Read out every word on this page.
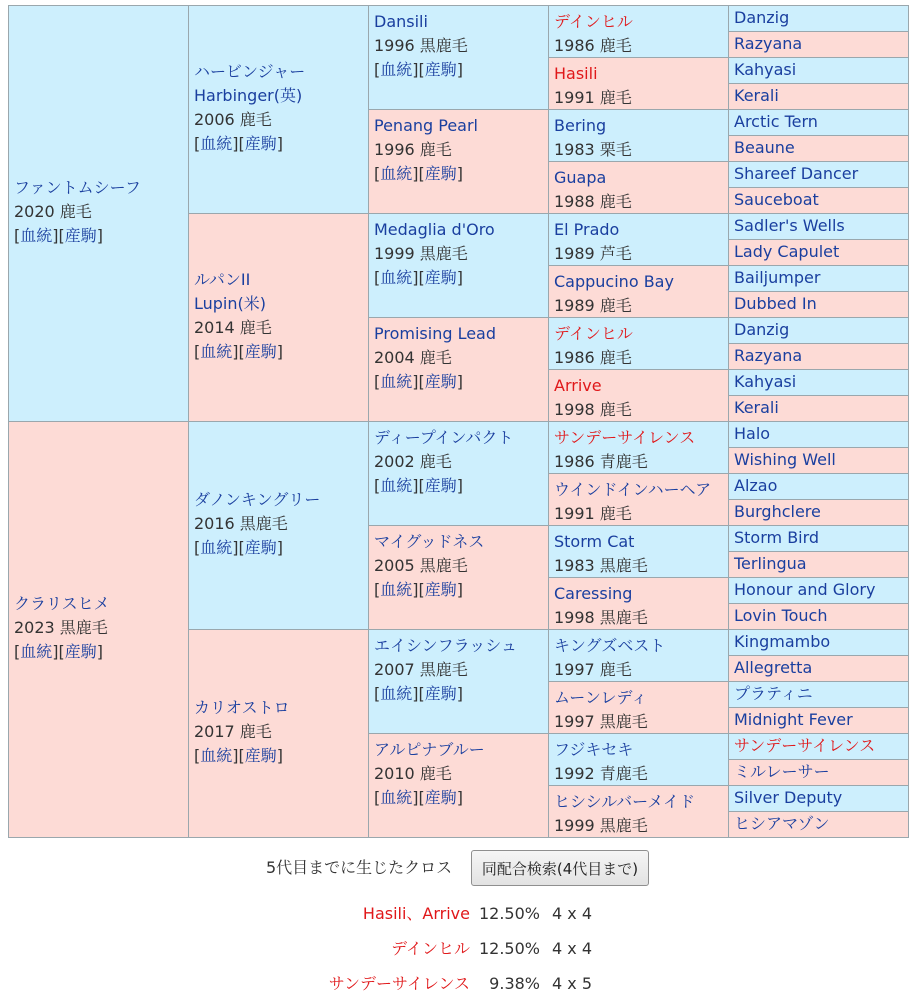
ファントムシーフ
2020 鹿毛
[血統][産駒]
クラリスヒメ
2023 黒鹿毛
[血統][産駒]
ハービンジャー
Harbinger(英)
2006 鹿毛
[血統][産駒]
ルパンII
Lupin(米)
2014 鹿毛
[血統][産駒]
ダノンキングリー
2016 黒鹿毛
[血統][産駒]
カリオストロ
2017 鹿毛
[血統][産駒]
Dansili
1996 黒鹿毛
[血統][産駒]
Penang Pearl
1996 鹿毛
[血統][産駒]
Medaglia d'Oro
1999 黒鹿毛
[血統][産駒]
Promising Lead
2004 鹿毛
[血統][産駒]
ディープインパクト
2002 鹿毛
[血統][産駒]
マイグッドネス
2005 黒鹿毛
[血統][産駒]
エイシンフラッシュ
2007 黒鹿毛
[血統][産駒]
アルピナブルー
2010 鹿毛
[血統][産駒]
デインヒル
1986 鹿毛
Hasili
1991 鹿毛
Bering
1983 栗毛
Guapa
1988 鹿毛
El Prado
1989 芦毛
Cappucino Bay
1989 鹿毛
デインヒル
1986 鹿毛
Arrive
1998 鹿毛
サンデーサイレンス
1986 青鹿毛
ウインドインハーヘア
1991 鹿毛
Storm Cat
1983 黒鹿毛
Caressing
1998 黒鹿毛
キングズベスト
1997 鹿毛
ムーンレディ
1997 黒鹿毛
フジキセキ
1992 青鹿毛
ヒシシルバーメイド
1999 黒鹿毛
Danzig
Razyana
Kahyasi
Kerali
Arctic Tern
Beaune
Shareef Dancer
Sauceboat
Sadler's Wells
Lady Capulet
Bailjumper
Dubbed In
Danzig
Razyana
Kahyasi
Kerali
Halo
Wishing Well
Alzao
Burghclere
Storm Bird
Terlingua
Honour and Glory
Lovin Touch
Kingmambo
Allegretta
プラティニ
Midnight Fever
サンデーサイレンス
ミルレーサー
Silver Deputy
ヒシアマゾン
5代目までに生じたクロス	同配合検索(4代目まで)
Hasili、Arrive 12.50% 4 x 4
デインヒル 12.50% 4 x 4
サンデーサイレンス	9.38% 4 x 5
